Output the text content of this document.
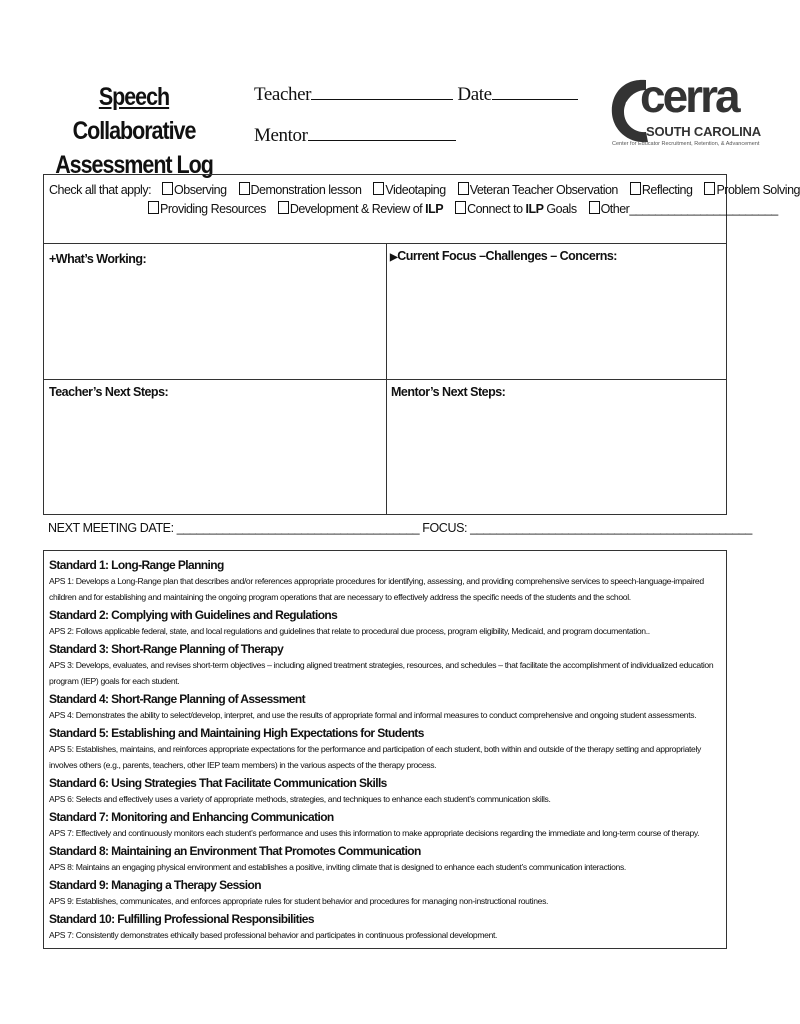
Speech Collaborative
Assessment Log
Teacher	Date
Mentor
cerra
SOUTH CAROLINA
Center for Educator Recruitment, Retention, & Advancement
Check all that apply: Observing Demonstration lesson Videotaping Veteran Teacher Observation Reflecting Problem Solving
Providing Resources Development & Review of ILP Connect to ILP Goals Other_______________________
+What’s Working:	▶Current Focus –Challenges – Concerns:
Teacher’s Next Steps:	Mentor’s Next Steps:
NEXT MEETING DATE: _____________________________________ FOCUS: ___________________________________________
Standard 1: Long-Range Planning
APS 1: Develops a Long-Range plan that describes and/or references appropriate procedures for identifying, assessing, and providing comprehensive services to speech-language-impaired children and for establishing and maintaining the ongoing program operations that are necessary to effectively address the specific needs of the students and the school.
Standard 2: Complying with Guidelines and Regulations
APS 2: Follows applicable federal, state, and local regulations and guidelines that relate to procedural due process, program eligibility, Medicaid, and program documentation..
Standard 3: Short-Range Planning of Therapy
APS 3: Develops, evaluates, and revises short-term objectives – including aligned treatment strategies, resources, and schedules – that facilitate the accomplishment of individualized education program (IEP) goals for each student.
Standard 4: Short-Range Planning of Assessment
APS 4: Demonstrates the ability to select/develop, interpret, and use the results of appropriate formal and informal measures to conduct comprehensive and ongoing student assessments.
Standard 5: Establishing and Maintaining High Expectations for Students
APS 5: Establishes, maintains, and reinforces appropriate expectations for the performance and participation of each student, both within and outside of the therapy setting and appropriately involves others (e.g., parents, teachers, other IEP team members) in the various aspects of the therapy process.
Standard 6: Using Strategies That Facilitate Communication Skills
APS 6: Selects and effectively uses a variety of appropriate methods, strategies, and techniques to enhance each student’s communication skills.
Standard 7: Monitoring and Enhancing Communication
APS 7: Effectively and continuously monitors each student’s performance and uses this information to make appropriate decisions regarding the immediate and long-term course of therapy.
Standard 8: Maintaining an Environment That Promotes Communication
APS 8: Maintains an engaging physical environment and establishes a positive, inviting climate that is designed to enhance each student’s communication interactions.
Standard 9: Managing a Therapy Session
APS 9: Establishes, communicates, and enforces appropriate rules for student behavior and procedures for managing non-instructional routines.
Standard 10: Fulfilling Professional Responsibilities
APS 7: Consistently demonstrates ethically based professional behavior and participates in continuous professional development.
